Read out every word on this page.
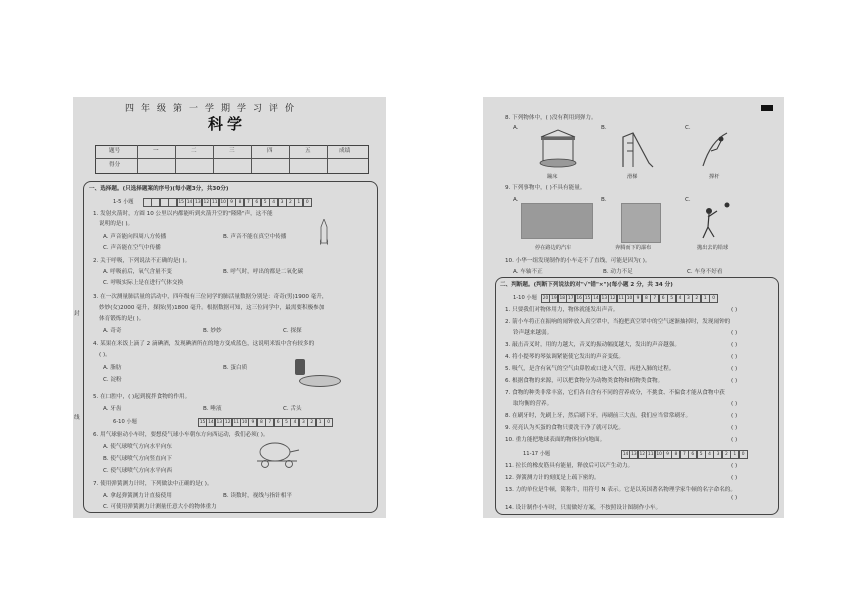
四年级第一学期学习评价
科学
题号	一	二	三	四	五	成绩
得分
一、选择题。(只选择题案的序号)(每小题3分，共30分)
1-5 小题	15 14 13 12 11 10 9	8	7	6	5	4	3	2	1	0
1. 发射火箭时，方圆 10 公里以内都能听到火箭升空的"隆隆"声，这不能
说明的是( )。
A. 声音能向四周八方传播	B. 声音不能在真空中传播
C. 声音能在空气中传播
2. 关于呼吸，下列说法不正确的是( )。
A. 呼吸前后，氧气含量不变	B. 呼气时，呼出的都是二氧化碳
C. 呼吸实际上是在进行气体交换
3. 在一次测量肺活量的活动中，四年级有三位同学的肺活量数据分别是：奇奇(男)1900 毫升，
妙妙(女)2000 毫升，探探(男)1800 毫升。根据数据可知，这三位同学中，最需要积极参加
体育锻炼的是( )。
A. 奇奇	B. 妙妙	C. 探探
4. 某果在米饭上滴了 2 滴碘酒，发现碘酒所在的地方变成蓝色，这说明米饭中含有较多的
( )。
A. 脂肪	B. 蛋白质
C. 淀粉
5. 在口腔中，( )起到搅拌食物的作用。
A. 牙齿	B. 唾液	C. 舌头
6-10 小题	15 14 13 12 11 10 9	8	7	6	5	4	3	2	1	0
6. 用气球驱动小车时，要想使气球小车朝东方向西运动，我们必须( )。
A. 使气球喷气方向水平向东
B. 使气球喷气方向竖直向下
C. 使气球喷气方向水平向西
7. 使用弹簧测力计时，下列做法中正确的是( )。
A. 拿起弹簧测力计直接使用	B. 读数时，视线与指针相平
C. 可使用弹簧测力计测量任意大小的物体重力
封
线
8. 下列物体中，( )没有利用到弹力。
A.	B.	C.
蹦床	滑梯	撑杆
9. 下列事物中，( )不具有能量。
A.	B.	C.
停在路边的汽车	奔腾而下的瀑布	抛出去的铅球
10. 小华一组发现制作的小车走不了直线，可能是因为( )。
A. 车轴不正	B. 动力不足	C. 车身不好看
二、判断题。(判断下列说法的对"√"错"×")(每小题 2 分，共 34 分)
1-10 小题	20 19 18 17 16 15 14 13 12 11 10 9	8	7	6	5	4	3	2	1	0
1. 只要我们对物体用力，物体就能发出声音。	( )
2. 箭小车将正在振响的闹钟放入真空罩中，当抱把真空罩中的空气逐渐抽掉时，发现闹钟的
铃声越来越弱。	( )
3. 敲击音叉时，用的力越大，音叉的振动幅度越大，发出的声音越强。	( )
4. 将小提琴的琴弦调紧能使它发出的声音变低。	( )
5. 吸气，是含有氧气的空气由鼻腔或口进入气管，再进入肺的过程。	( )
6. 根据食物的来源，可以把食物分为动物类食物和植物类食物。	( )
7. 食物的种类非常丰富，它们各自含有不同的营养成分，不挑食、不偏食才能从食物中获
取均衡的营养。	( )
8. 在刷牙时，先刷上牙，然后刷下牙，再刷前三大齿，我们应当常常刷牙。	( )
9. 亮亮认为买蛋的食物只要洗干净了就可以吃。	( )
10. 重力能把地球表面的物体拉向地面。	( )
11-17 小题	14 13 12 11 10 9	8	7	6	5	4	3	2	1	0
11. 拉长的橡皮筋具有能量，释放后可以产生动力。	( )
12. 弹簧测力计的刻度是上疏下密的。	( )
13. 力的单位是牛顿，简称牛，用符号 N 表示。它是以英国著名物理学家牛顿的名字命名的。
( )
14. 设计制作小车时，只需做好方案，不按照设计图制作小车。
